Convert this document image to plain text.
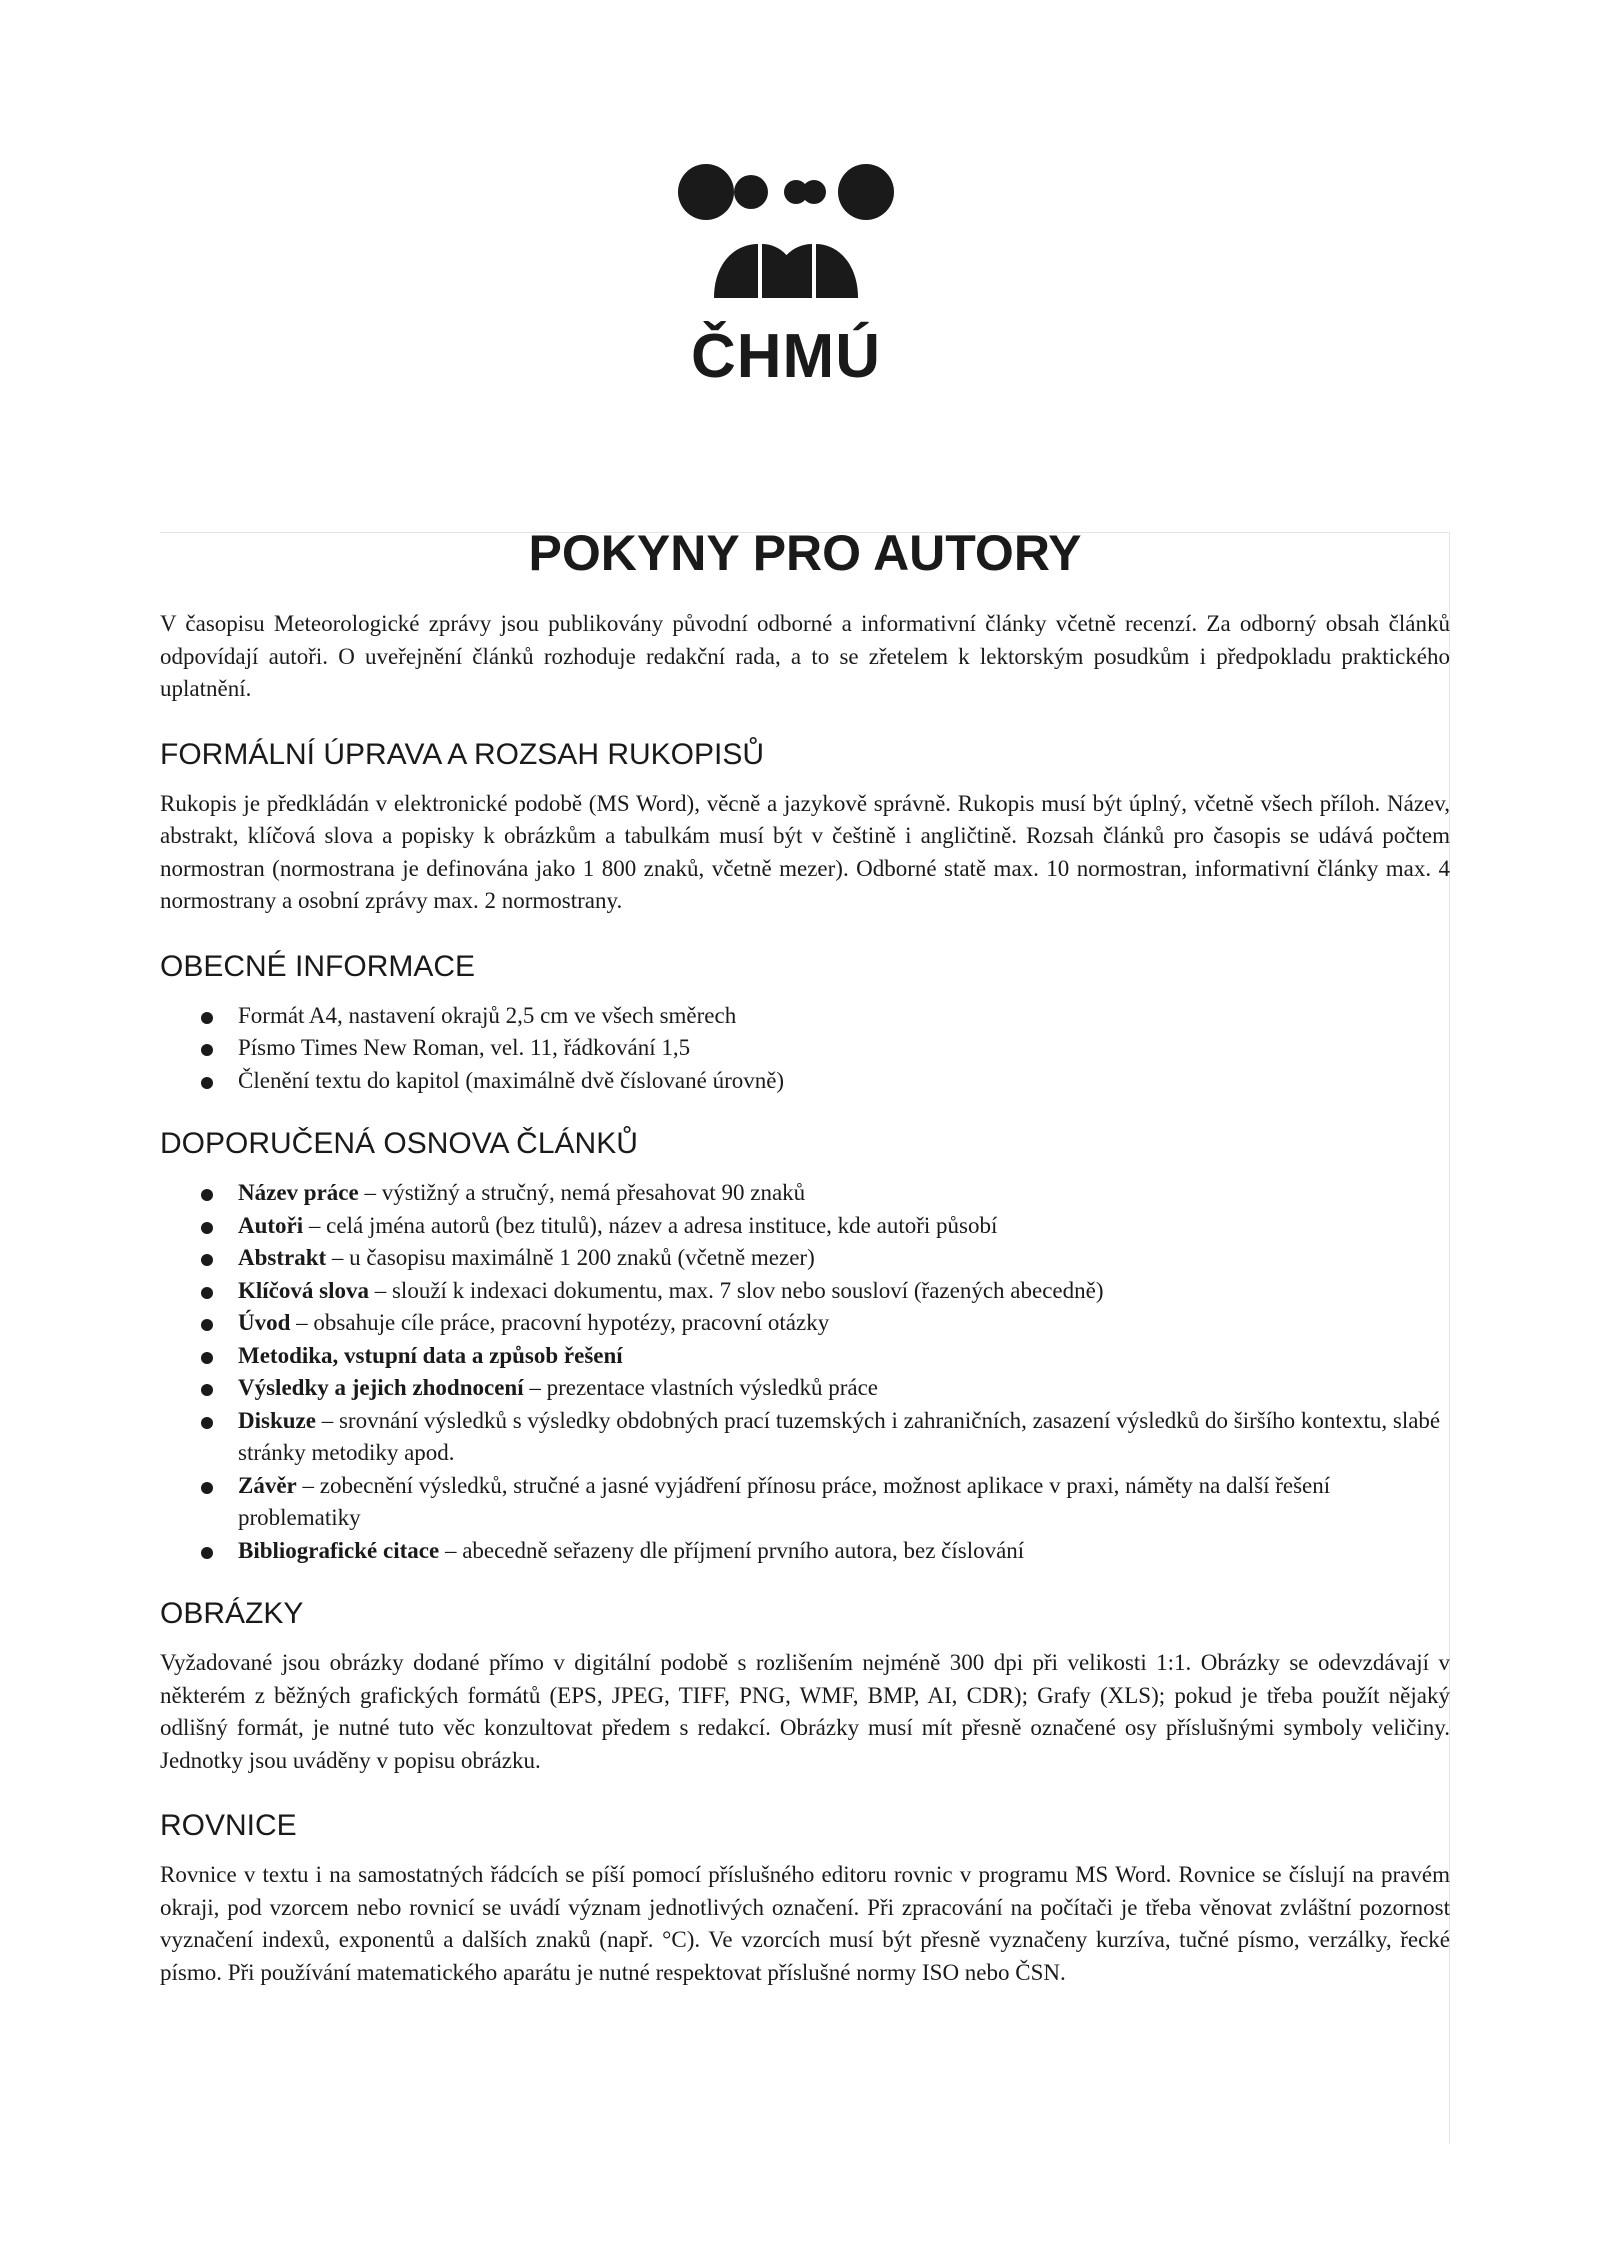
ČHMÚ
POKYNY PRO AUTORY

V časopisu Meteorologické zprávy jsou publikovány původní odborné a informativní články včetně recenzí. Za odborný obsah článků odpovídají autoři. O uveřejnění článků rozhoduje redakční rada, a to se zřetelem k lektorským posudkům i předpokladu praktického uplatnění.

FORMÁLNÍ ÚPRAVA A ROZSAH RUKOPISŮ

Rukopis je předkládán v elektronické podobě (MS Word), věcně a jazykově správně. Rukopis musí být úplný, včetně všech příloh. Název, abstrakt, klíčová slova a popisky k obrázkům a tabulkám musí být v češtině i angličtině. Rozsah článků pro časopis se udává počtem normostran (normostrana je definována jako 1 800 znaků, včetně mezer). Odborné statě max. 10 normostran, informativní články max. 4 normostrany a osobní zprávy max. 2 normostrany.

OBECNÉ INFORMACE
Formát A4, nastavení okrajů 2,5 cm ve všech směrech
Písmo Times New Roman, vel. 11, řádkování 1,5
Členění textu do kapitol (maximálně dvě číslované úrovně)
DOPORUČENÁ OSNOVA ČLÁNKŮ
Název práce – výstižný a stručný, nemá přesahovat 90 znaků
Autoři – celá jména autorů (bez titulů), název a adresa instituce, kde autoři působí
Abstrakt – u časopisu maximálně 1 200 znaků (včetně mezer)
Klíčová slova – slouží k indexaci dokumentu, max. 7 slov nebo sousloví (řazených abecedně)
Úvod – obsahuje cíle práce, pracovní hypotézy, pracovní otázky
Metodika, vstupní data a způsob řešení
Výsledky a jejich zhodnocení – prezentace vlastních výsledků práce
Diskuze – srovnání výsledků s výsledky obdobných prací tuzemských i zahraničních, zasazení výsledků do širšího kontextu, slabé stránky metodiky apod.
Závěr – zobecnění výsledků, stručné a jasné vyjádření přínosu práce, možnost aplikace v praxi, náměty na další řešení problematiky
Bibliografické citace – abecedně seřazeny dle příjmení prvního autora, bez číslování
OBRÁZKY

Vyžadované jsou obrázky dodané přímo v digitální podobě s rozlišením nejméně 300 dpi při velikosti 1:1. Obrázky se odevzdávají v některém z běžných grafických formátů (EPS, JPEG, TIFF, PNG, WMF, BMP, AI, CDR); Grafy (XLS); pokud je třeba použít nějaký odlišný formát, je nutné tuto věc konzultovat předem s redakcí. Obrázky musí mít přesně označené osy příslušnými symboly veličiny. Jednotky jsou uváděny v popisu obrázku.

ROVNICE

Rovnice v textu i na samostatných řádcích se píší pomocí příslušného editoru rovnic v programu MS Word. Rovnice se číslují na pravém okraji, pod vzorcem nebo rovnicí se uvádí význam jednotlivých označení. Při zpracování na počítači je třeba věnovat zvláštní pozornost vyznačení indexů, exponentů a dalších znaků (např. °C). Ve vzorcích musí být přesně vyznačeny kurzíva, tučné písmo, verzálky, řecké písmo. Při používání matematického aparátu je nutné respektovat příslušné normy ISO nebo ČSN.
